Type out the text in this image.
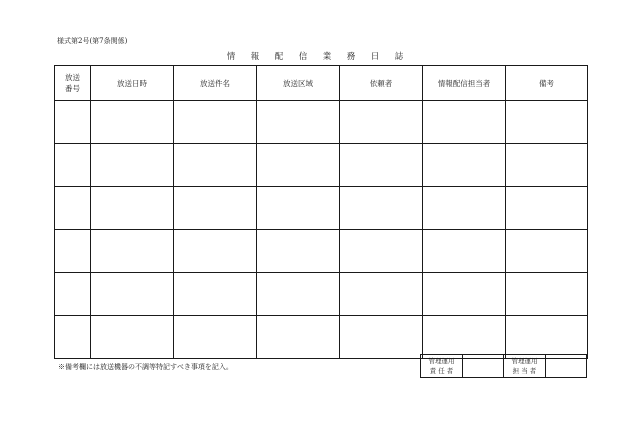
様式第2号(第7条関係)
情 報 配 信 業 務 日 誌
放送
番号	放送日時	放送件名	放送区域	依頼者	情報配信担当者	備考

※備考欄には放送機器の不調等特記すべき事項を記入。
管理運用
責 任 者
管理運用
担 当 者
